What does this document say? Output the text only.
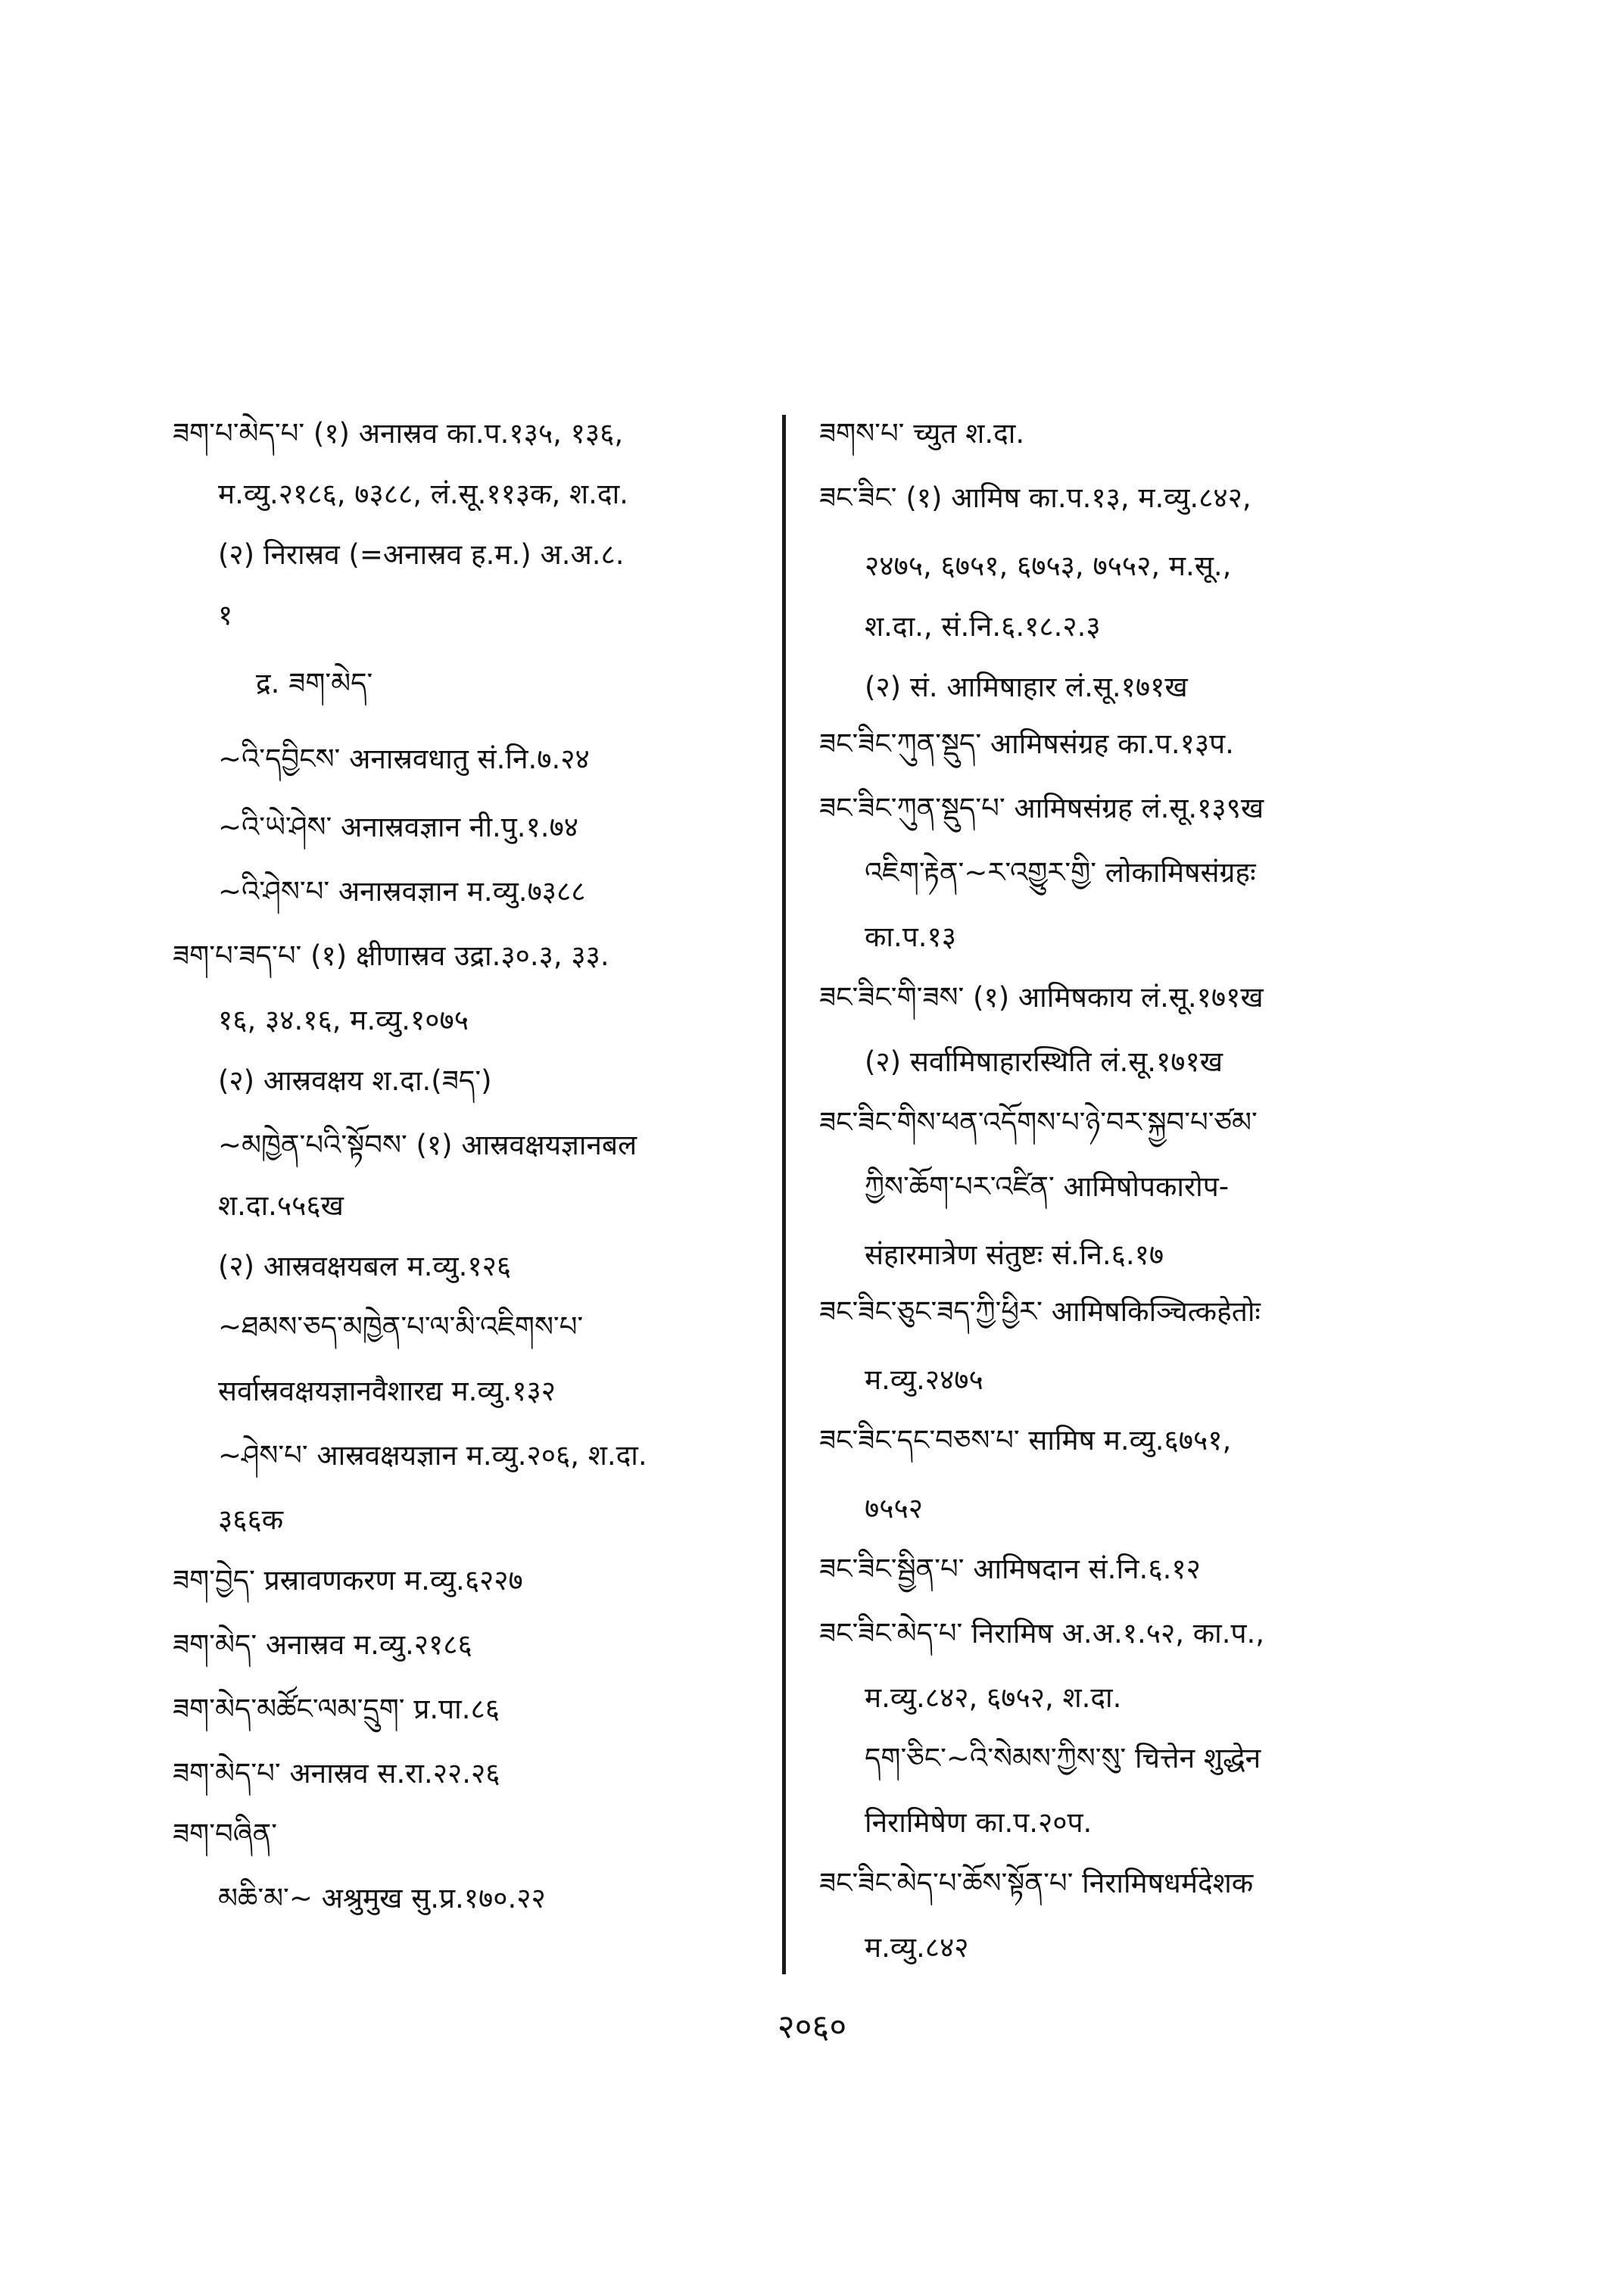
ཟག་པ་མེད་པ་ (१) अनास्रव का.प.१३५, १३६,
म.व्यु.२१८६, ७३८८, लं.सू.११३क, श.दा.
(२) निरास्रव (=अनास्रव ह.म.) अ.अ.८.
१
द्र. ཟག་མེད་
~འི་དབྱིངས་ अनास्रवधातु सं.नि.७.२४
~འི་ཡེ་ཤེས་ अनास्रवज्ञान नी.पु.१.७४
~འི་ཤེས་པ་ अनास्रवज्ञान म.व्यु.७३८८
ཟག་པ་ཟད་པ་ (१) क्षीणास्रव उद्रा.३०.३, ३३.
१६, ३४.१६, म.व्यु.१०७५
(२) आस्रवक्षय श.दा.(ཟད་)
~མཁྱེན་པའི་སྟོབས་ (१) आस्रवक्षयज्ञानबल
श.दा.५५६ख
(२) आस्रवक्षयबल म.व्यु.१२६
~ཐམས་ཅད་མཁྱེན་པ་ལ་མི་འཇིགས་པ་
सर्वास्रवक्षयज्ञानवैशारद्य म.व्यु.१३२
~ཤེས་པ་ आस्रवक्षयज्ञान म.व्यु.२०६, श.दा.
३६६क
ཟག་བྱེད་ प्रस्रावणकरण म.व्यु.६२२७
ཟག་མེད་ अनास्रव म.व्यु.२१८६
ཟག་མེད་མཚོང་ལམ་དྲུག་ प्र.पा.८६
ཟག་མེད་པ་ अनास्रव स.रा.२२.२६
ཟག་བཞིན་
མཆི་མ་~ अश्रुमुख सु.प्र.१७०.२२
ཟགས་པ་ च्युत श.दा.
ཟང་ཟིང་ (१) आमिष का.प.१३, म.व्यु.८४२,
२४७५, ६७५१, ६७५३, ७५५२, म.सू.,
श.दा., सं.नि.६.१८.२.३
(२) सं. आमिषाहार लं.सू.१७१ख
ཟང་ཟིང་ཀུན་སྡུད་ आमिषसंग्रह का.प.१३प.
ཟང་ཟིང་ཀུན་སྡུད་པ་ आमिषसंग्रह लं.सू.१३९ख
འཇིག་རྟེན་~ར་འགྱུར་གྱི་ लोकामिषसंग्रहः
का.प.१३
ཟང་ཟིང་གི་ཟས་ (१) आमिषकाय लं.सू.१७१ख
(२) सर्वामिषाहारस्थिति लं.सू.१७१ख
ཟང་ཟིང་གིས་ཕན་འདོགས་པ་ཉེ་བར་སྐྱབ་པ་ཙམ་
ཀྱིས་ཆོག་པར་འཛིན་ आमिषोपकारोप-
संहारमात्रेण संतुष्टः सं.नि.६.१७
ཟང་ཟིང་ཅུང་ཟད་ཀྱི་ཕྱིར་ आमिषकिञ्चित्कहेतोः
म.व्यु.२४७५
ཟང་ཟིང་དང་བཅས་པ་ सामिष म.व्यु.६७५१,
७५५२
ཟང་ཟིང་སྦྱིན་པ་ आमिषदान सं.नि.६.१२
ཟང་ཟིང་མེད་པ་ निरामिष अ.अ.१.५२, का.प.,
म.व्यु.८४२, ६७५२, श.दा.
དག་ཅིང་~འི་སེམས་ཀྱིས་སུ་ चित्तेन शुद्धेन
निरामिषेण का.प.२०प.
ཟང་ཟིང་མེད་པ་ཆོས་སྟོན་པ་ निरामिषधर्मदेशक
म.व्यु.८४२
२०६०
